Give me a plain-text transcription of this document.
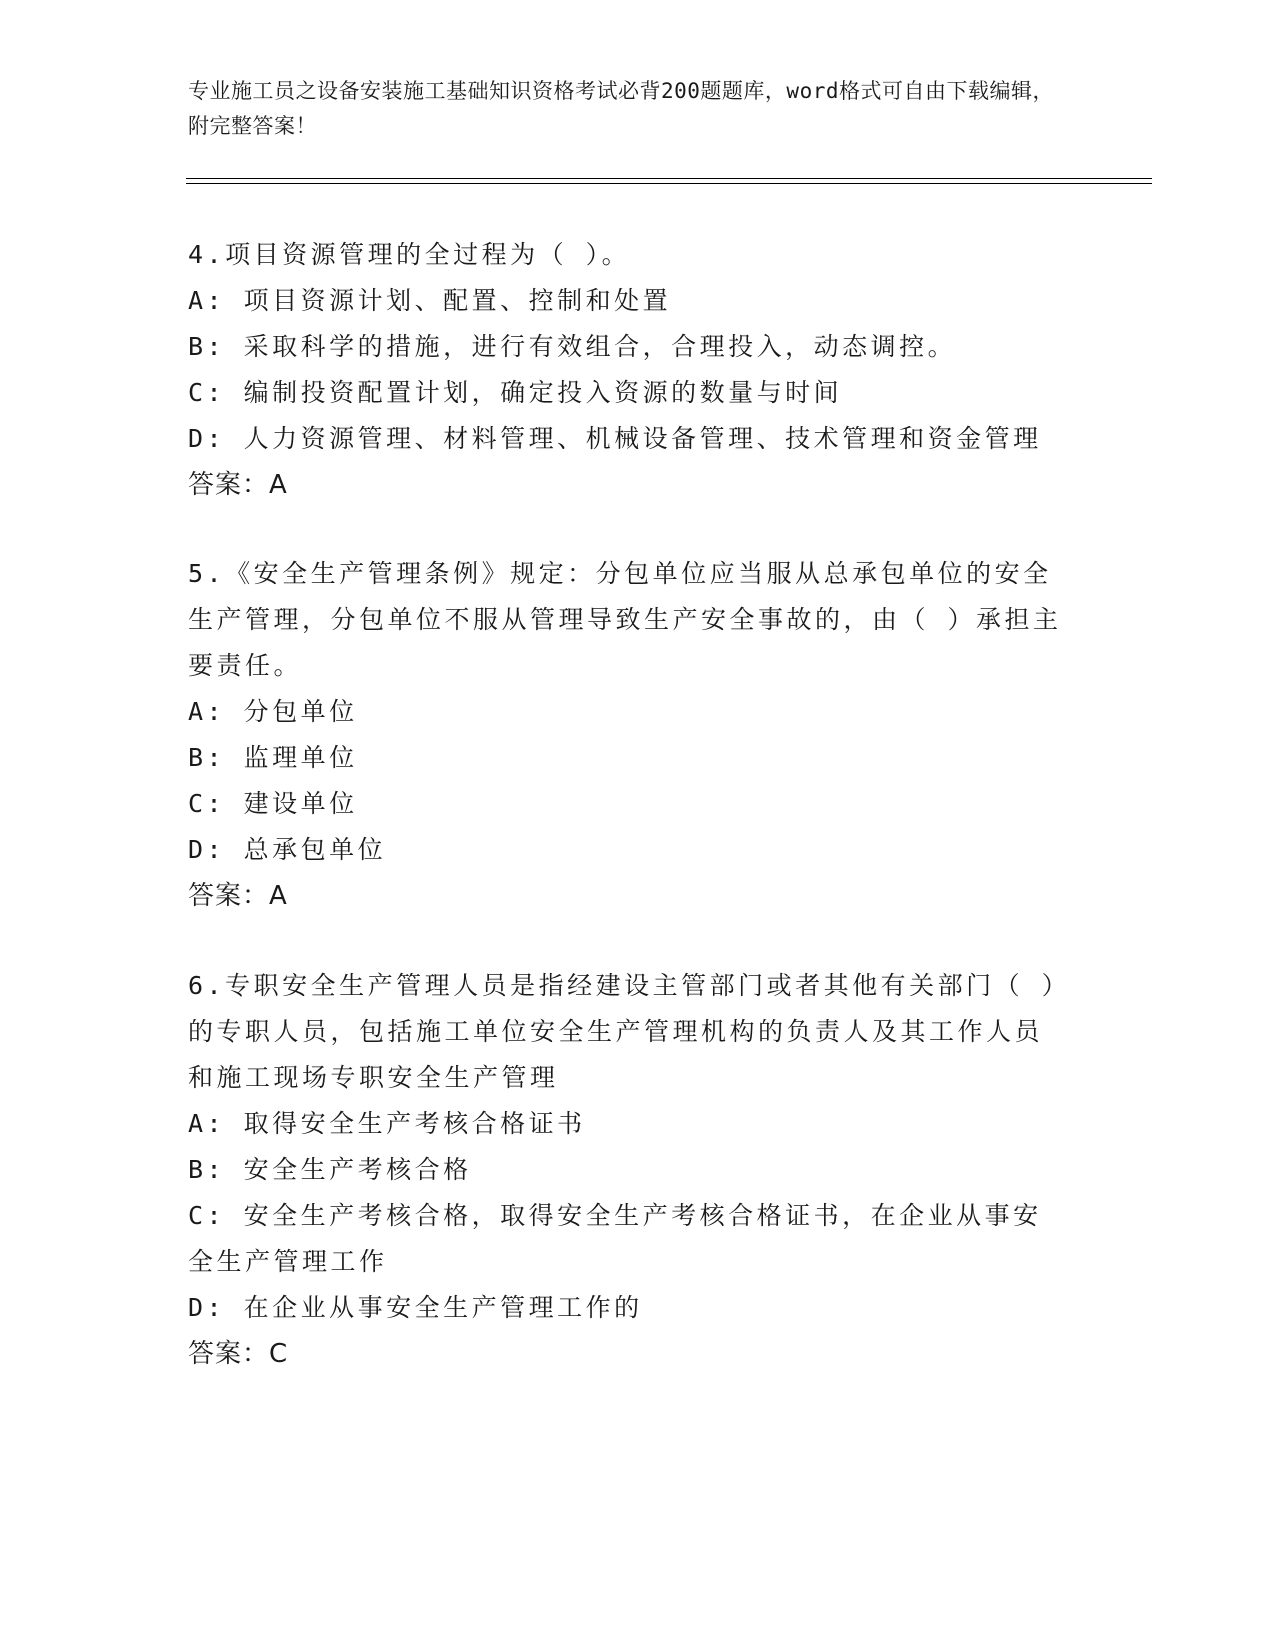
专业施工员之设备安装施工基础知识资格考试必背200题题库，word格式可自由下载编辑，附完整答案！

4.项目资源管理的全过程为（ ）。

A: 项目资源计划、配置、控制和处置

B: 采取科学的措施，进行有效组合，合理投入，动态调控。

C: 编制投资配置计划，确定投入资源的数量与时间

D: 人力资源管理、材料管理、机械设备管理、技术管理和资金管理

答案：A

5.《安全生产管理条例》规定：分包单位应当服从总承包单位的安全生产管理，分包单位不服从管理导致生产安全事故的，由（ ）承担主要责任。

A: 分包单位

B: 监理单位

C: 建设单位

D: 总承包单位

答案：A

6.专职安全生产管理人员是指经建设主管部门或者其他有关部门（ ）的专职人员，包括施工单位安全生产管理机构的负责人及其工作人员和施工现场专职安全生产管理

A: 取得安全生产考核合格证书

B: 安全生产考核合格

C: 安全生产考核合格，取得安全生产考核合格证书，在企业从事安全生产管理工作

D: 在企业从事安全生产管理工作的

答案：C
